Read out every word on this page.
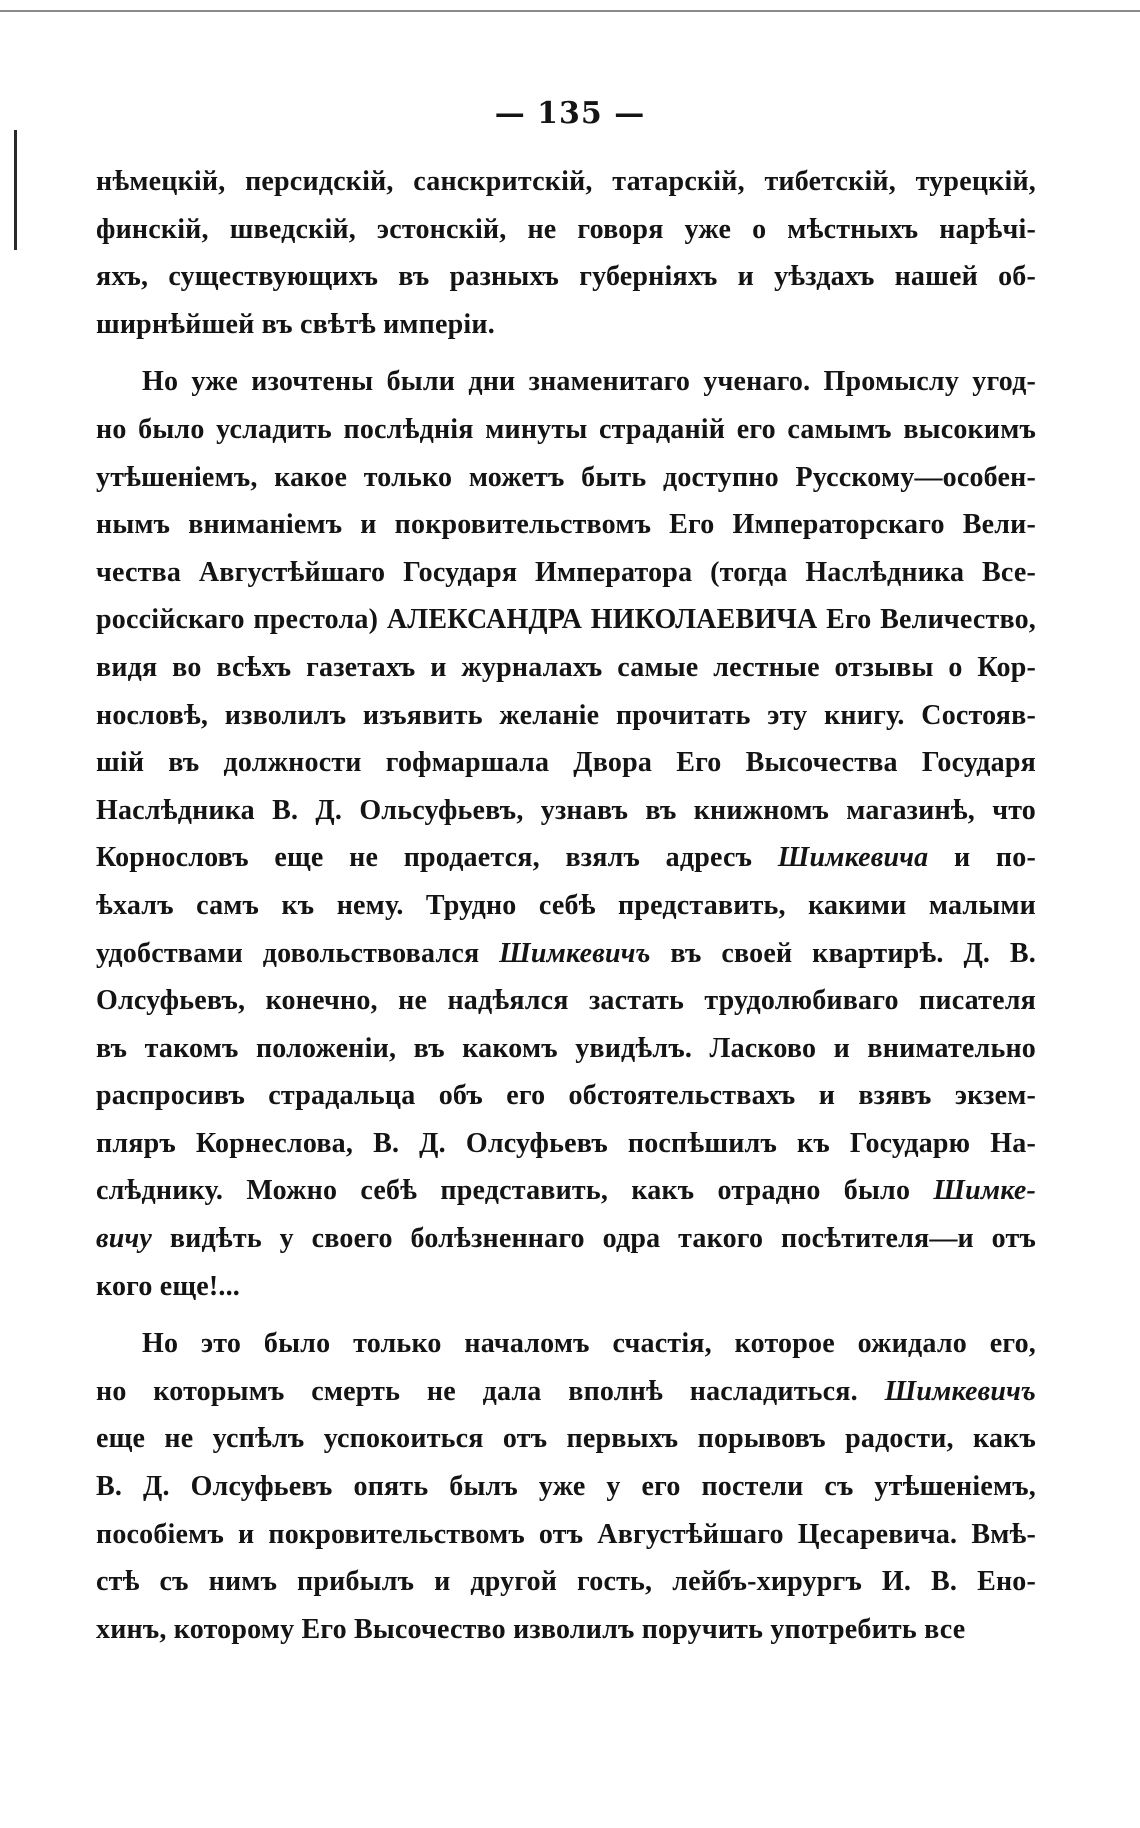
— 135 —
нѣмецкій, персидскій, санскритскій, татарскій, тибетскій, турецкій,
финскій, шведскій, эстонскій, не говоря уже о мѣстныхъ нарѣчі-
яхъ, существующихъ въ разныхъ губерніяхъ и уѣздахъ нашей об-
ширнѣйшей въ свѣтѣ имперіи.
Но уже изочтены были дни знаменитаго ученаго. Промыслу угод-
но было усладить послѣднія минуты страданій его самымъ высокимъ
утѣшеніемъ, какое только можетъ быть доступно Русскому—особен-
нымъ вниманіемъ и покровительствомъ Его Императорскаго Вели-
чества Августѣйшаго Государя Императора (тогда Наслѣдника Все-
россійскаго престола) АЛЕКСАНДРА НИКОЛАЕВИЧА Его Величество,
видя во всѣхъ газетахъ и журналахъ самые лестные отзывы о Кор-
нословѣ, изволилъ изъявить желаніе прочитать эту книгу. Состояв-
шій въ должности гофмаршала Двора Его Высочества Государя
Наслѣдника В. Д. Ольсуфьевъ, узнавъ въ книжномъ магазинѣ, что
Корнословъ еще не продается, взялъ адресъ Шимкевича и по-
ѣхалъ самъ къ нему. Трудно себѣ представить, какими малыми
удобствами довольствовался Шимкевичъ въ своей квартирѣ. Д. В.
Олсуфьевъ, конечно, не надѣялся застать трудолюбиваго писателя
въ такомъ положеніи, въ какомъ увидѣлъ. Ласково и внимательно
распросивъ страдальца объ его обстоятельствахъ и взявъ экзем-
пляръ Корнеслова, В. Д. Олсуфьевъ поспѣшилъ къ Государю На-
слѣднику. Можно себѣ представить, какъ отрадно было Шимке-
вичу видѣть у своего болѣзненнаго одра такого посѣтителя—и отъ
кого еще!...
Но это было только началомъ счастія, которое ожидало его,
но которымъ смерть не дала вполнѣ насладиться. Шимкевичъ
еще не успѣлъ успокоиться отъ первыхъ порывовъ радости, какъ
В. Д. Олсуфьевъ опять былъ уже у его постели съ утѣшеніемъ,
пособіемъ и покровительствомъ отъ Августѣйшаго Цесаревича. Вмѣ-
стѣ съ нимъ прибылъ и другой гость, лейбъ-хирургъ И. В. Ено-
хинъ, которому Его Высочество изволилъ поручить употребить все
